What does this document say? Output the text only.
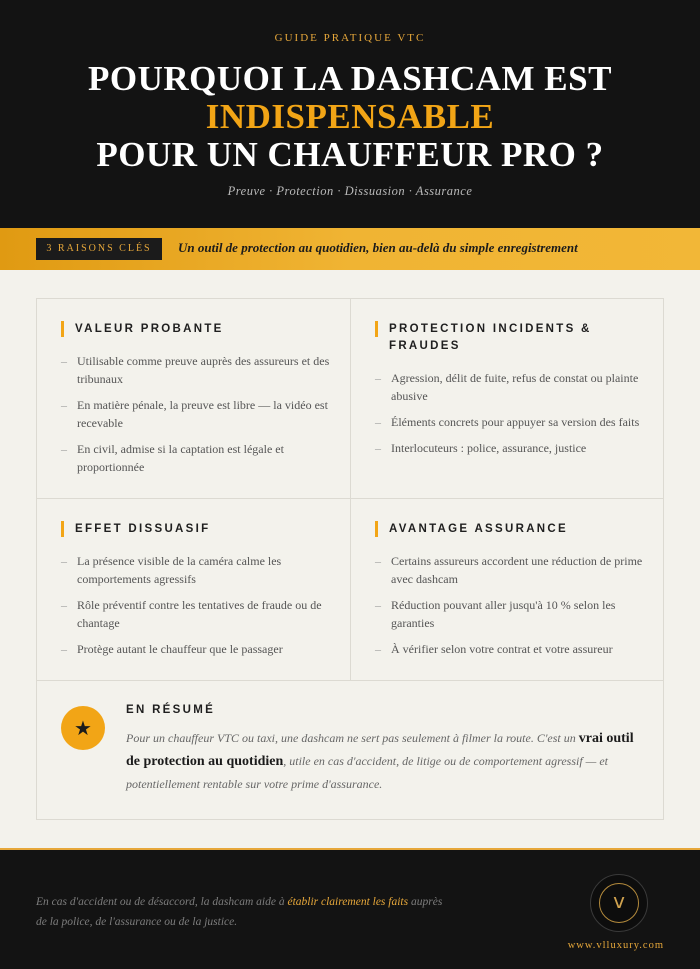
GUIDE PRATIQUE VTC
POURQUOI LA DASHCAM EST
INDISPENSABLE
POUR UN CHAUFFEUR PRO ?
Preuve · Protection · Dissuasion · Assurance
3 RAISONS CLÉS	Un outil de protection au quotidien, bien au-delà du simple enregistrement
VALEUR PROBANTE
– Utilisable comme preuve auprès des assureurs et des tribunaux
– En matière pénale, la preuve est libre — la vidéo est recevable
– En civil, admise si la captation est légale et proportionnée
PROTECTION INCIDENTS & FRAUDES
– Agression, délit de fuite, refus de constat ou plainte abusive
– Éléments concrets pour appuyer sa version des faits
– Interlocuteurs : police, assurance, justice
EFFET DISSUASIF
– La présence visible de la caméra calme les comportements agressifs
– Rôle préventif contre les tentatives de fraude ou de chantage
– Protège autant le chauffeur que le passager
AVANTAGE ASSURANCE
– Certains assureurs accordent une réduction de prime avec dashcam
– Réduction pouvant aller jusqu'à 10 % selon les garanties
– À vérifier selon votre contrat et votre assureur
★
EN RÉSUMÉ

Pour un chauffeur VTC ou taxi, une dashcam ne sert pas seulement à filmer la route. C'est un vrai outil de protection au quotidien, utile en cas d'accident, de litige ou de comportement agressif — et potentiellement rentable sur votre prime d'assurance.

En cas d'accident ou de désaccord, la dashcam aide à établir clairement les faits auprès de la police, de l'assurance ou de la justice.

ⅴ
www.vlluxury.com
